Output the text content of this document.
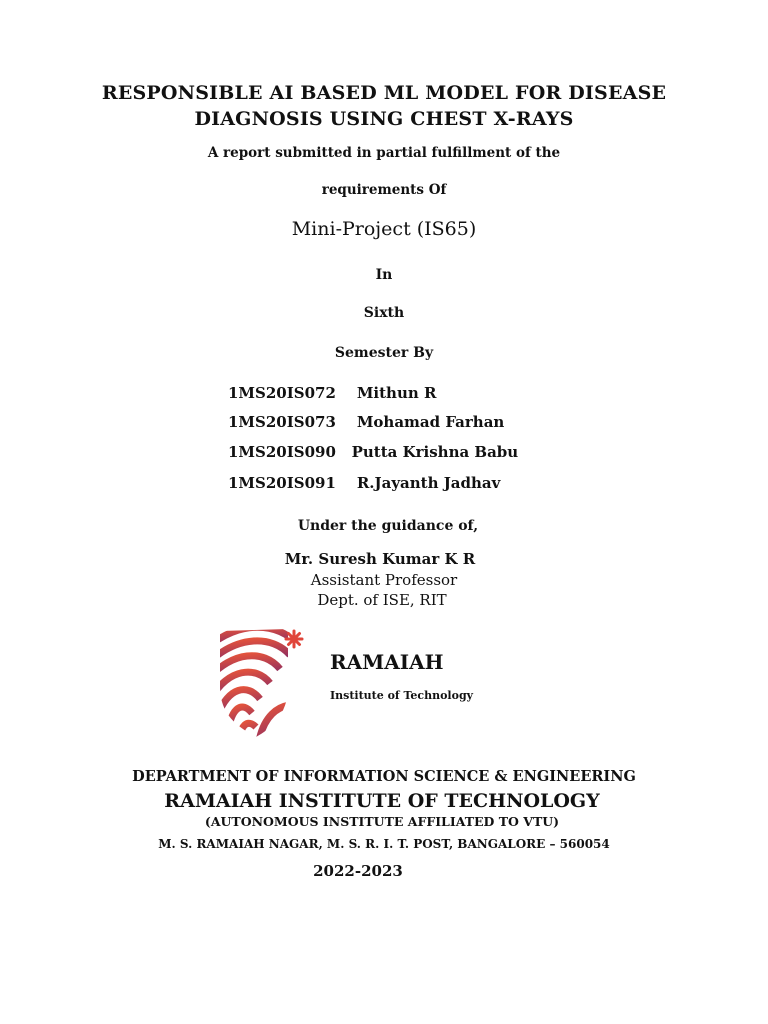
RESPONSIBLE AI BASED ML MODEL FOR DISEASE
DIAGNOSIS USING CHEST X-RAYS
A report submitted in partial fulfillment of the
requirements Of
Mini-Project (IS65)
In
Sixth
Semester By
1MS20IS072 Mithun R
1MS20IS073 Mohamad Farhan
1MS20IS090 Putta Krishna Babu
1MS20IS091 R.Jayanth Jadhav
Under the guidance of,
Mr. Suresh Kumar K R
Assistant Professor
Dept. of ISE, RIT
RAMAIAH
Institute of Technology
DEPARTMENT OF INFORMATION SCIENCE & ENGINEERING
RAMAIAH INSTITUTE OF TECHNOLOGY
(AUTONOMOUS INSTITUTE AFFILIATED TO VTU)
M. S. RAMAIAH NAGAR, M. S. R. I. T. POST, BANGALORE – 560054
2022-2023
